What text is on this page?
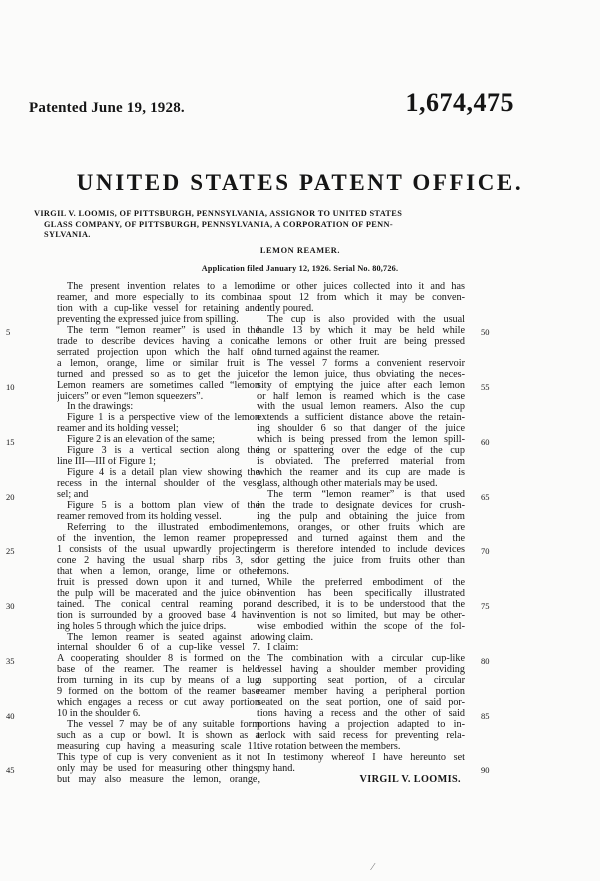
Patented June 19, 1928.	1,674,475
UNITED STATES PATENT OFFICE.
VIRGIL V. LOOMIS, OF PITTSBURGH, PENNSYLVANIA, ASSIGNOR TO UNITED STATES
GLASS COMPANY, OF PITTSBURGH, PENNSYLVANIA, A CORPORATION OF PENN-
SYLVANIA.
LEMON REAMER.
Application filed January 12, 1926. Serial No. 80,726.
The present invention relates to a lemon
reamer, and more especially to its combina-
tion with a cup-like vessel for retaining and
preventing the expressed juice from spilling.
The term “lemon reamer” is used in the
trade to describe devices having a conical
serrated projection upon which the half of
a lemon, orange, lime or similar fruit is
turned and pressed so as to get the juice.
Lemon reamers are sometimes called “lemon
juicers” or even “lemon squeezers”.
In the drawings:
Figure 1 is a perspective view of the lemon
reamer and its holding vessel;
Figure 2 is an elevation of the same;
Figure 3 is a vertical section along the
line III—III of Figure 1;
Figure 4 is a detail plan view showing the
recess in the internal shoulder of the ves-
sel; and
Figure 5 is a bottom plan view of the
reamer removed from its holding vessel.
Referring to the illustrated embodiment
of the invention, the lemon reamer proper
1 consists of the usual upwardly projecting
cone 2 having the usual sharp ribs 3, so
that when a lemon, orange, lime or other
fruit is pressed down upon it and turned,
the pulp will be macerated and the juice ob-
tained. The conical central reaming por-
tion is surrounded by a grooved base 4 hav-
ing holes 5 through which the juice drips.
The lemon reamer is seated against an
internal shoulder 6 of a cup-like vessel 7.
A cooperating shoulder 8 is formed on the
base of the reamer. The reamer is held
from turning in its cup by means of a lug
9 formed on the bottom of the reamer base
which engages a recess or cut away portion
10 in the shoulder 6.
The vessel 7 may be of any suitable form
such as a cup or bowl. It is shown as a
measuring cup having a measuring scale 11.
This type of cup is very convenient as it not
only may be used for measuring other things,
but may also measure the lemon, orange,
lime or other juices collected into it and has
a spout 12 from which it may be conven-
iently poured.
The cup is also provided with the usual
handle 13 by which it may be held while
the lemons or other fruit are being pressed
and turned against the reamer.
The vessel 7 forms a convenient reservoir
for the lemon juice, thus obviating the neces-
sity of emptying the juice after each lemon
or half lemon is reamed which is the case
with the usual lemon reamers. Also the cup
extends a sufficient distance above the retain-
ing shoulder 6 so that danger of the juice
which is being pressed from the lemon spill-
ing or spattering over the edge of the cup
is obviated. The preferred material from
which the reamer and its cup are made is
glass, although other materials may be used.
The term “lemon reamer” is that used
in the trade to designate devices for crush-
ing the pulp and obtaining the juice from
lemons, oranges, or other fruits which are
pressed and turned against them and the
term is therefore intended to include devices
for getting the juice from fruits other than
lemons.
While the preferred embodiment of the
invention has been specifically illustrated
and described, it is to be understood that the
invention is not so limited, but may be other-
wise embodied within the scope of the fol-
lowing claim.
I claim:
The combination with a circular cup-like
vessel having a shoulder member providing
a supporting seat portion, of a circular
reamer member having a peripheral portion
seated on the seat portion, one of said por-
tions having a recess and the other of said
portions having a projection adapted to in-
terlock with said recess for preventing rela-
tive rotation between the members.
In testimony whereof I have hereunto set
my hand.
VIRGIL V. LOOMIS.
5
10
15
20
25
30
35
40
45
50
55
60
65
70
75
80
85
90
⁄
